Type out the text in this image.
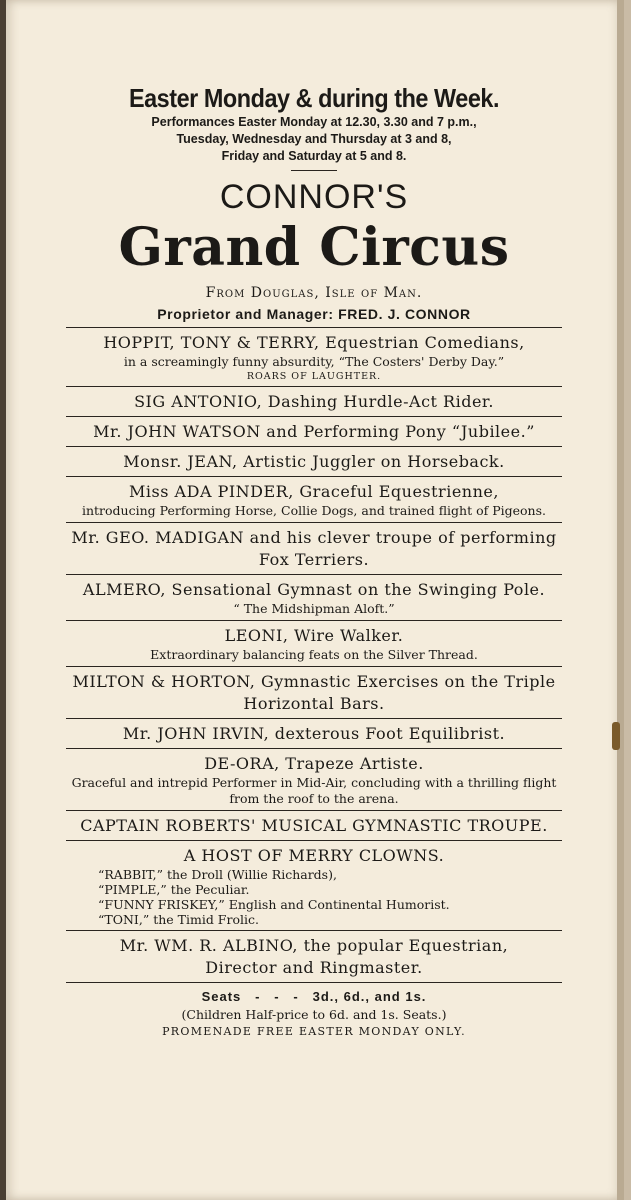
Easter Monday & during the Week.
Performances Easter Monday at 12.30, 3.30 and 7 p.m.,
Tuesday, Wednesday and Thursday at 3 and 8,
Friday and Saturday at 5 and 8.
CONNOR'S
Grand Circus
From Douglas, Isle of Man.
Proprietor and Manager: FRED. J. CONNOR
HOPPIT, TONY & TERRY, Equestrian Comedians,
in a screamingly funny absurdity, “The Costers' Derby Day.”
ROARS OF LAUGHTER.
SIG ANTONIO, Dashing Hurdle-Act Rider.
Mr. JOHN WATSON and Performing Pony “Jubilee.”
Monsr. JEAN, Artistic Juggler on Horseback.
Miss ADA PINDER, Graceful Equestrienne,
introducing Performing Horse, Collie Dogs, and trained flight of Pigeons.
Mr. GEO. MADIGAN and his clever troupe of performing Fox Terriers.
ALMERO, Sensational Gymnast on the Swinging Pole.
“ The Midshipman Aloft.”
LEONI, Wire Walker.
Extraordinary balancing feats on the Silver Thread.
MILTON & HORTON, Gymnastic Exercises on the Triple Horizontal Bars.
Mr. JOHN IRVIN, dexterous Foot Equilibrist.
DE-ORA, Trapeze Artiste.
Graceful and intrepid Performer in Mid-Air, concluding with a thrilling flight from the roof to the arena.
CAPTAIN ROBERTS' MUSICAL GYMNASTIC TROUPE.
A HOST OF MERRY CLOWNS.
“RABBIT,” the Droll (Willie Richards),
“PIMPLE,” the Peculiar.
“FUNNY FRISKEY,” English and Continental Humorist.
“TONI,” the Timid Frolic.
Mr. WM. R. ALBINO, the popular Equestrian,
Director and Ringmaster.
Seats   -   -   -   3d., 6d., and 1s.
(Children Half-price to 6d. and 1s. Seats.)
PROMENADE FREE EASTER MONDAY ONLY.
